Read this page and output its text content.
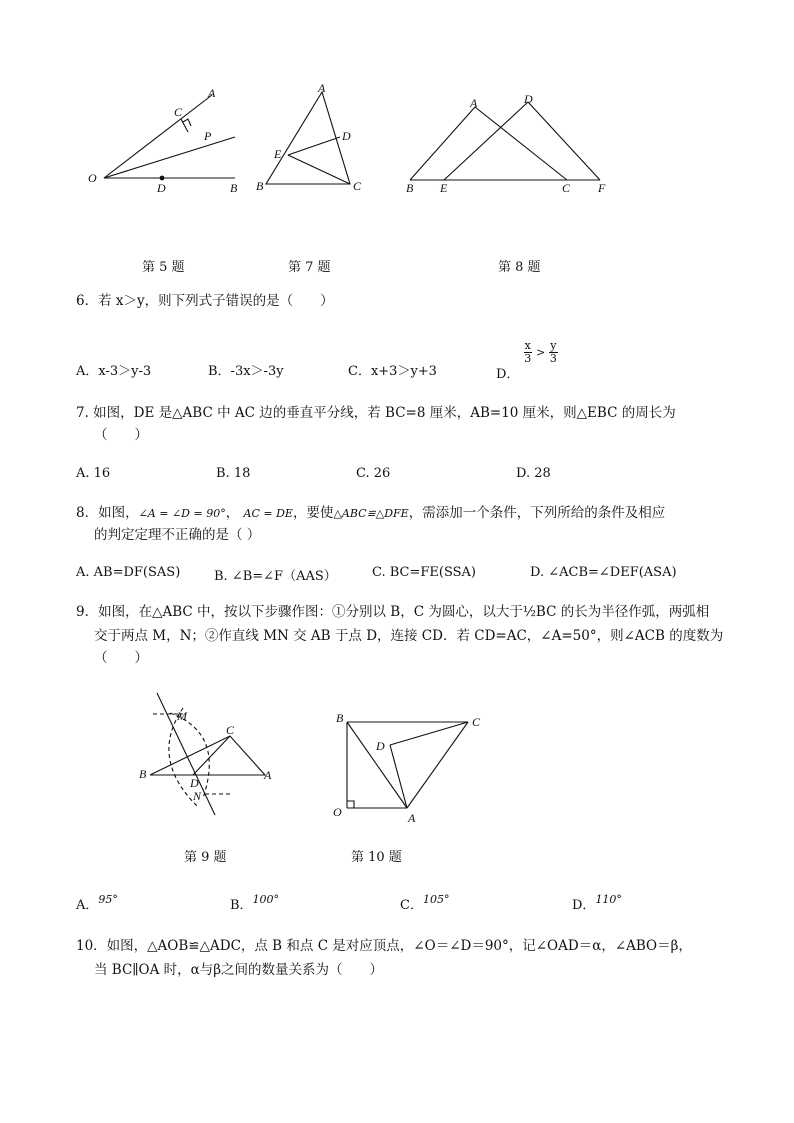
A
C
P
O
D	B
A
D
E
B	C
A	D
B E	C F
第 5 题	第 7 题	第 8 题
6．若 x＞y，则下列式子错误的是（　　）
A．x-3＞y-3	B．-3x＞-3y	C．x+3＞y+3	D．
$\frac{x}{3} > \frac{y}{3}$
7. 如图，DE 是△ABC 中 AC 边的垂直平分线，若 BC=8 厘米，AB=10 厘米，则△EBC 的周长为
（　　）
A. 16	B. 18	C. 26	D. 28
8．如图，∠A = ∠D = 90°， AC = DE，要使△ABC≌△DFE，需添加一个条件，下列所给的条件及相应
的判定定理不正确的是（ ）
A. AB=DF(SAS)	B. ∠B=∠F（AAS）	C. BC=FE(SSA)	D. ∠ACB=∠DEF(ASA)
9．如图，在△ABC 中，按以下步骤作图：①分别以 B，C 为圆心，以大于½BC 的长为半径作弧，两弧相
交于两点 M，N；②作直线 MN 交 AB 于点 D，连接 CD．若 CD=AC，∠A=50°，则∠ACB 的度数为
（　　）
M
C
B
D
A
N
B	C
D
O	A
第 9 题	第 10 题
A．$^{95^\circ}$	B．$^{100^\circ}$	C．$^{105^\circ}$	D．$^{110^\circ}$
10．如图，△AOB≌△ADC，点 B 和点 C 是对应顶点，∠O＝∠D＝90°，记∠OAD＝α，∠ABO＝β，
当 BC∥OA 时，α与β之间的数量关系为（　　）
